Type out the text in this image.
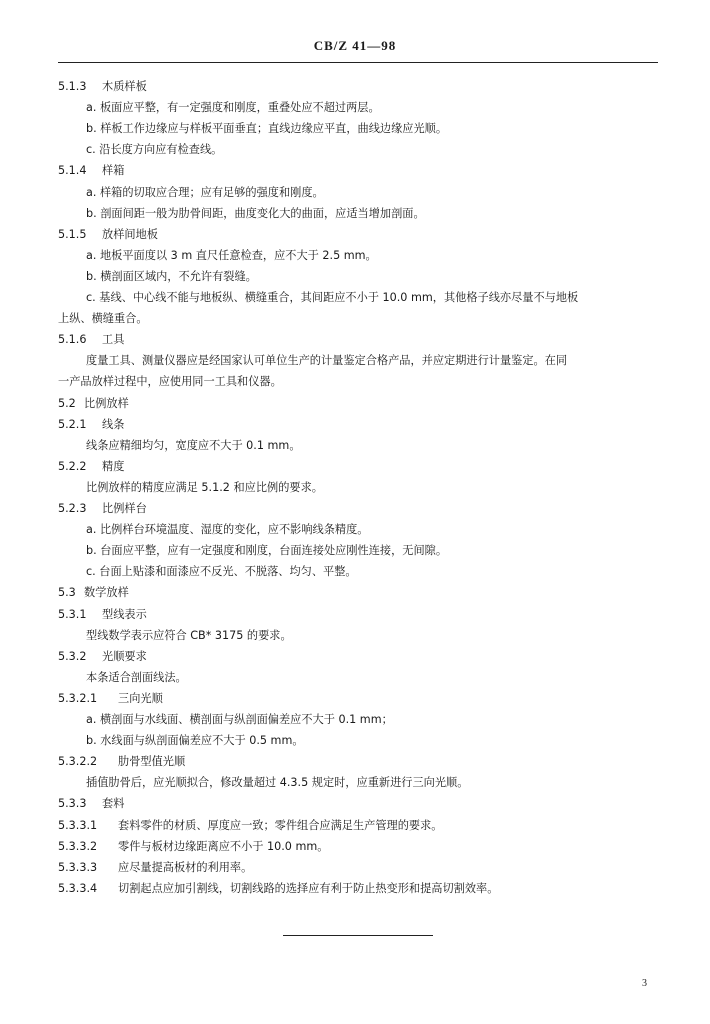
CB/Z 41—98
5.1.3 木质样板
a. 板面应平整，有一定强度和刚度，重叠处应不超过两层。
b. 样板工作边缘应与样板平面垂直；直线边缘应平直，曲线边缘应光顺。
c. 沿长度方向应有检查线。
5.1.4 样箱
a. 样箱的切取应合理；应有足够的强度和刚度。
b. 剖面间距一般为肋骨间距，曲度变化大的曲面，应适当增加剖面。
5.1.5 放样间地板
a. 地板平面度以 3 m 直尺任意检查，应不大于 2.5 mm。
b. 横剖面区域内，不允许有裂缝。
c. 基线、中心线不能与地板纵、横缝重合，其间距应不小于 10.0 mm，其他格子线亦尽量不与地板
上纵、横缝重合。
5.1.6 工具
度量工具、测量仪器应是经国家认可单位生产的计量鉴定合格产品，并应定期进行计量鉴定。在同
一产品放样过程中，应使用同一工具和仪器。
5.2 比例放样
5.2.1 线条
线条应精细均匀，宽度应不大于 0.1 mm。
5.2.2 精度
比例放样的精度应满足 5.1.2 和应比例的要求。
5.2.3 比例样台
a. 比例样台环境温度、湿度的变化，应不影响线条精度。
b. 台面应平整，应有一定强度和刚度，台面连接处应刚性连接，无间隙。
c. 台面上贴漆和面漆应不反光、不脱落、均匀、平整。
5.3 数学放样
5.3.1 型线表示
型线数学表示应符合 CB* 3175 的要求。
5.3.2 光顺要求
本条适合剖面线法。
5.3.2.1 三向光顺
a. 横剖面与水线面、横剖面与纵剖面偏差应不大于 0.1 mm；
b. 水线面与纵剖面偏差应不大于 0.5 mm。
5.3.2.2 肋骨型值光顺
插值肋骨后，应光顺拟合，修改量超过 4.3.5 规定时，应重新进行三向光顺。
5.3.3 套料
5.3.3.1 套料零件的材质、厚度应一致；零件组合应满足生产管理的要求。
5.3.3.2 零件与板材边缘距离应不小于 10.0 mm。
5.3.3.3 应尽量提高板材的利用率。
5.3.3.4 切割起点应加引割线，切割线路的选择应有利于防止热变形和提高切割效率。
3
